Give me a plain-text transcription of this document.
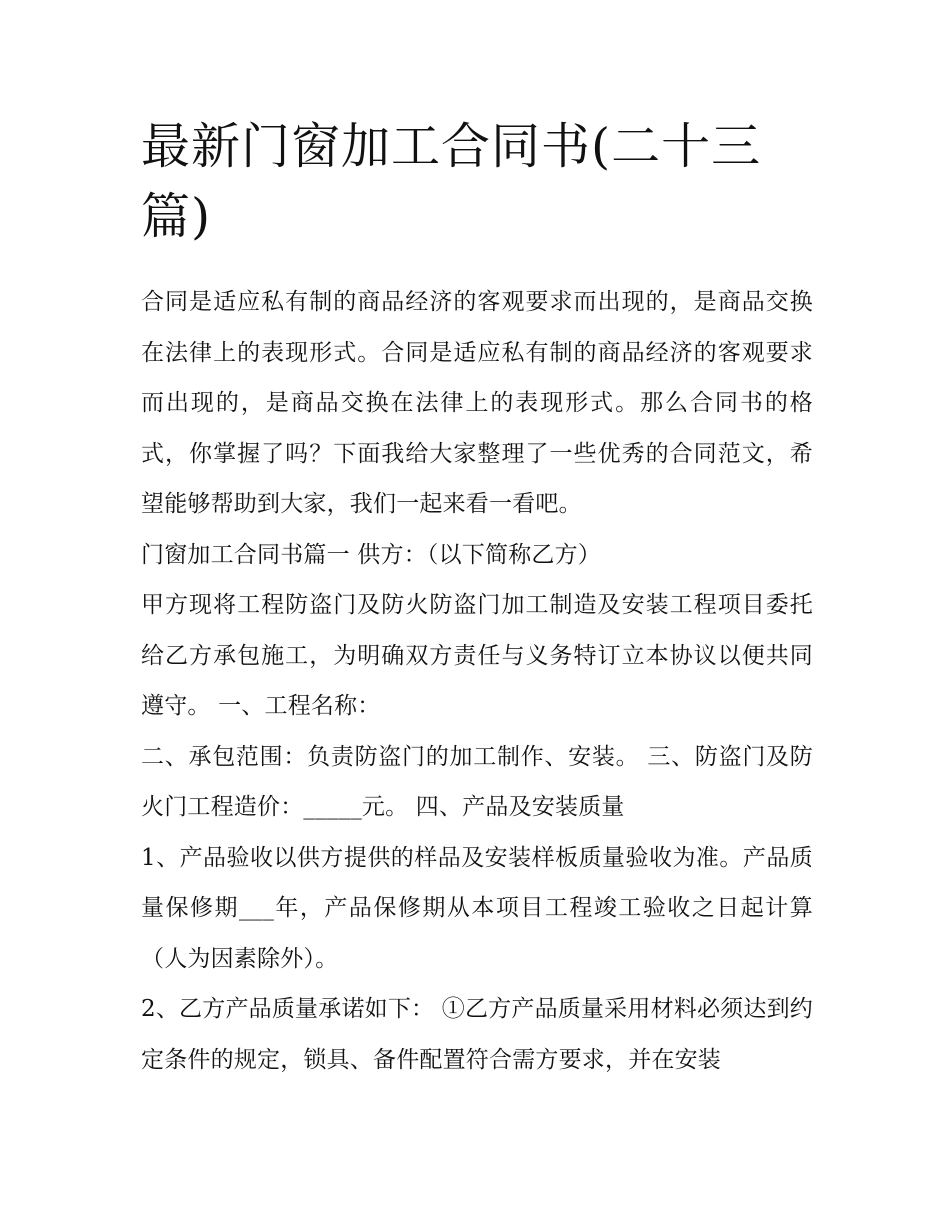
最新门窗加工合同书(二十三篇)

合同是适应私有制的商品经济的客观要求而出现的，是商品交换在法律上的表现形式。合同是适应私有制的商品经济的客观要求而出现的，是商品交换在法律上的表现形式。那么合同书的格式，你掌握了吗？下面我给大家整理了一些优秀的合同范文，希望能够帮助到大家，我们一起来看一看吧。

门窗加工合同书篇一 供方：（以下简称乙方）

甲方现将工程防盗门及防火防盗门加工制造及安装工程项目委托给乙方承包施工，为明确双方责任与义务特订立本协议以便共同遵守。 一、工程名称：

二、承包范围：负责防盗门的加工制作、安装。 三、防盗门及防火门工程造价：_____元。 四、产品及安装质量

1、产品验收以供方提供的样品及安装样板质量验收为准。产品质量保修期___年，产品保修期从本项目工程竣工验收之日起计算（人为因素除外）。

2、乙方产品质量承诺如下： ①乙方产品质量采用材料必须达到约定条件的规定，锁具、备件配置符合需方要求，并在安装
